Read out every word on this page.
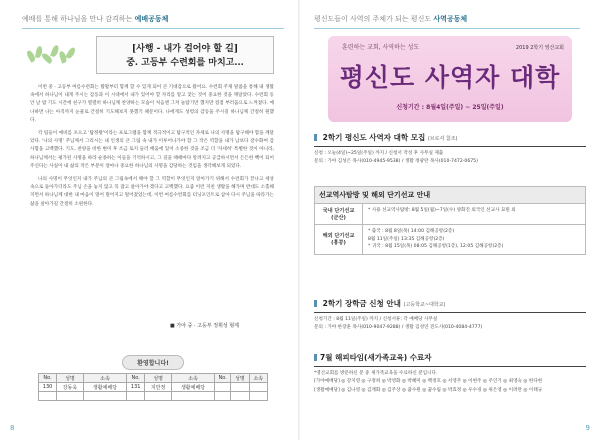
예배를 통해 하나님을 만나 감격하는 예배공동체
[사행 - 내가 걸어야 할 길]
중. 고등부 수련회를 마치고...

이번 중 · 고등부 여름수련회는 활활부터 함께 할 수 있게 되어 큰 기대감으로 왔어요. 수련회 주제 말씀을 통해 내 생활 속에서 하나님이 내게 주시는 감동과 이 시대에서 내가 있어야 할 자리를 알고 찾는 것이 중요한 것을 깨달았다. 수련회 동안 날 밤 기도 시간에 친구가 열렬히 하나님께 찬양하는 모습이 처음엔 그저 놀랍기만 했지만 점점 부러움으로 느껴졌다. 예나하면 나는 아직까지 눈물로 간절히 기도해보지 못했기 때문이다. 나에게도 성령의 감동을 주시길 하나님께 간절히 원했다.

각 팀들이 예비를 포으고 '탐정왕'이라는 프로그램을 함께 적극적이고 탐구적인 자세로 나의 사명을 탐구해야 함을 깨달았다. '나의 사명' 주님께서 그리시는 내 인생의 큰 그림 속 내가 이루어나가야 할 그 작은 역할을 내가 남보다 잘수화여 감사함을 고백했다. 기도, 찬양을 비한 변미 후 조금 토지 들러 배움에 있어 소중한 것을 조금 더 '자세히' 특별한 것이 아니라, 하나님께서는 평가된 사명을 따라 순종하는 이들을 기억하시고, 그 길을 때때마다 알려지고 공급하시면서 든든한 빽이 되어주신다는 사실이 내 삶의 작은 부분이 얼마나 중요한 하나님의 사명을 감당하는 것임을 생각해보게 되었다.

나의 사명이 무엇인지 내가 주님의 큰 그림속에서 해야 할 그 역할이 무엇인지 알아가기 위해서 수련회가 끝나고 세상속으로 돌아가더라도 주님 손을 놓지 않고 꼭 잡고 살아가야 겠다고 고백했다. 요즘 이런 지친 생활을 해가며 반대도 소홀해지면서 하나님께 대한 내 마음이 멀어 멀어지고 멀어졌었는데, 이번 여름수련회를 터닝포인트로 삼아 다시 주님을 따라가는 삶을 살아가길 간절히 소원한다.

■ 가야 중 · 고등부 정휘성 형제
환영합니다!
No.	성명	소속	No.	성명	소속	No.	성명	소속
130	강동욱	생활예배당	131	지만정	생활예배당			

8
평신도들이 사역의 주체가 되는 평신도 사역공동체
훈련하는 교회, 사역하는 성도	2019 2학기 영산교회
평신도 사역자 대학
신청기간 : 8월4일(주일) ~ 25일(주일)
2학기 평신도 사역자 대학 모집 (브로셔 참조)
신청 : 오늘(4일)~25일(주일) 까지 / 신청서 작성 후 사무실 제출
문의 : 가야 김성은 목사(010-4945-9538) / 생활 정광란 목사(010-7472-0675)
선교역사탐방 및 해외 단기선교 안내
국내 단기선교 (군산)
* 사용 선교역사탐방: 8월 5일(월)~7일(수) 양화진 외국인 선교사 묘원 외
해외 단기선교 (홍콩)
* 출국 : 8월 8일(목) 14:00 김해공항(2층)
8월 11일(주일) 13:35 김해공항(2층)
* 귀국 : 8월 15일(목) 08:05 김해공항(1층), 12:05 김해공항(2층)
2학기 장학금 신청 안내 (고등학교~대학교)
신청기간 : 8월 11일(주일) 까지 / 신청서류: 각 예배당 사무실
문의 : 가야 한장훈 목사(010-9047-9288) / 생활 김성연 전도사(010-4084-4777)
7월 해피타임(새가족교육) 수료자
*영산교회를 방문하신 분 중 새가족교육을 수료하신 분입니다.
[가야예배당] ◎ 강지영 ◎ 구정희 ◎ 박영화 ◎ 박혜미 ◎ 백정호 ◎ 서영주 ◎ 이현주 ◎ 주인기 ◎ 최영숙 ◎ 한다현
[생활예배당] ◎ 김나영 ◎ 김재화 ◎ 김주상 ◎ 꿈수원 ◎ 꿈수림 ◎ 박효정 ◎ 우수경 ◎ 위은영 ◎ 이려란 ◎ 이태규
9
